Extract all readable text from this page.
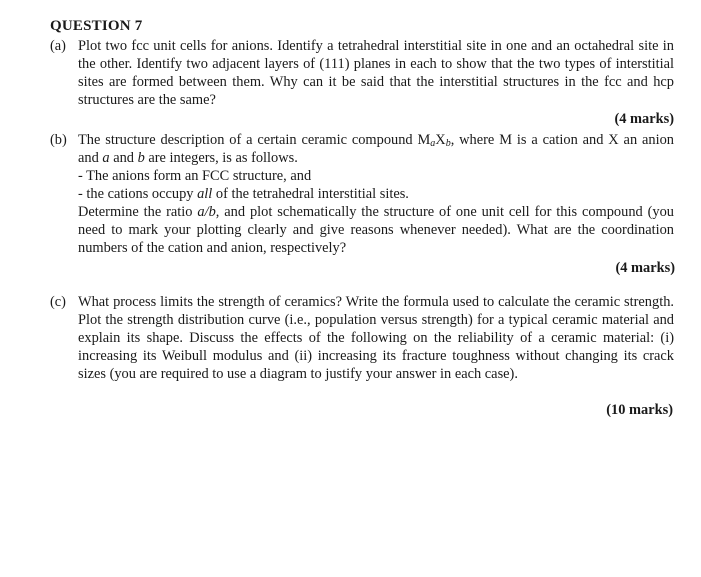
QUESTION 7
(a) Plot two fcc unit cells for anions. Identify a tetrahedral interstitial site in one and an octahedral site in the other. Identify two adjacent layers of (111) planes in each to show that the two types of interstitial sites are formed between them. Why can it be said that the interstitial structures in the fcc and hcp structures are the same?

(4 marks)
(b) The structure description of a certain ceramic compound $M_aX_b$, where M is a cation and X an anion and a and b are integers, is as follows.

- The anions form an FCC structure, and

- the cations occupy all of the tetrahedral interstitial sites.

Determine the ratio a/b, and plot schematically the structure of one unit cell for this compound (you need to mark your plotting clearly and give reasons whenever needed). What are the coordination numbers of the cation and anion, respectively?

(4 marks)
(c) What process limits the strength of ceramics? Write the formula used to calculate the ceramic strength. Plot the strength distribution curve (i.e., population versus strength) for a typical ceramic material and explain its shape. Discuss the effects of the following on the reliability of a ceramic material: (i) increasing its Weibull modulus and (ii) increasing its fracture toughness without changing its crack sizes (you are required to use a diagram to justify your answer in each case).

(10 marks)
